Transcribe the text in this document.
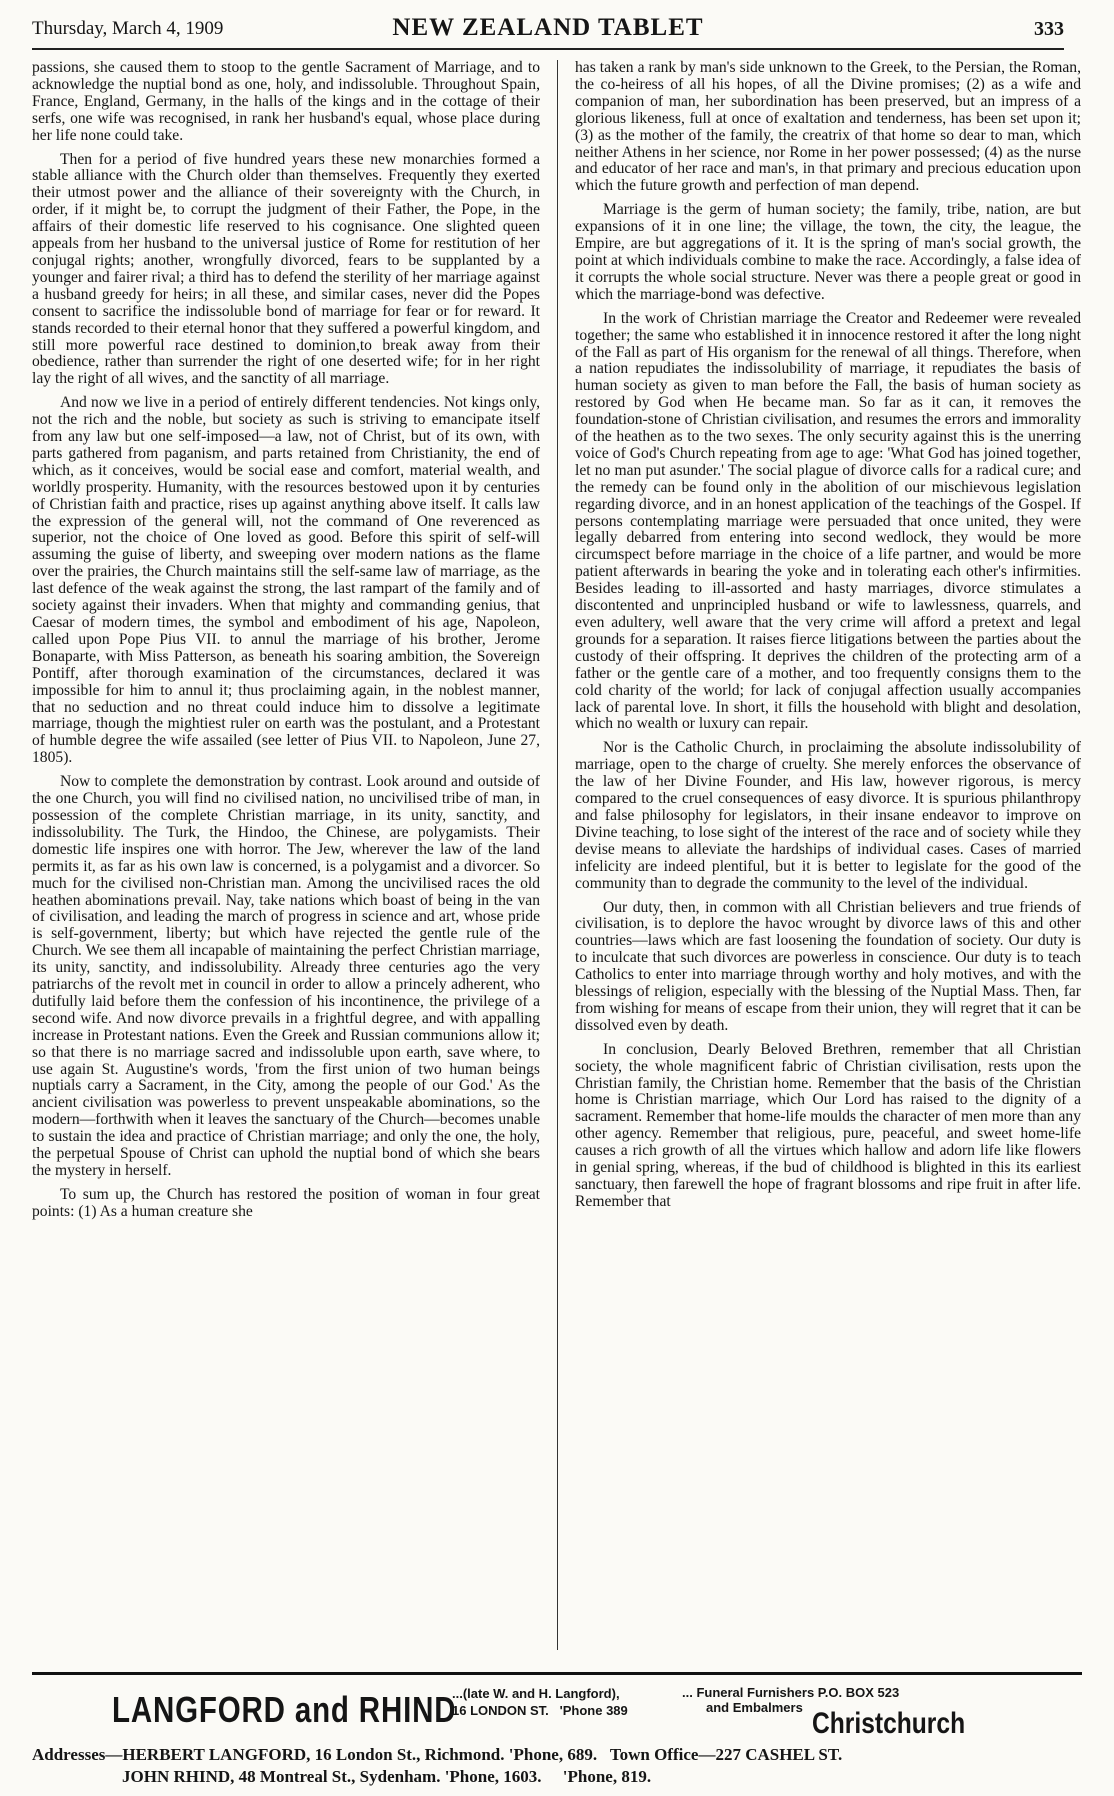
Thursday, March 4, 1909	NEW ZEALAND TABLET	333

passions, she caused them to stoop to the gentle Sacrament of Marriage, and to acknowledge the nuptial bond as one, holy, and indissoluble. Throughout Spain, France, England, Germany, in the halls of the kings and in the cottage of their serfs, one wife was recognised, in rank her husband's equal, whose place during her life none could take.

Then for a period of five hundred years these new monarchies formed a stable alliance with the Church older than themselves. Frequently they exerted their utmost power and the alliance of their sovereignty with the Church, in order, if it might be, to corrupt the judgment of their Father, the Pope, in the affairs of their domestic life reserved to his cognisance. One slighted queen appeals from her husband to the universal justice of Rome for restitution of her conjugal rights; another, wrongfully divorced, fears to be supplanted by a younger and fairer rival; a third has to defend the sterility of her marriage against a husband greedy for heirs; in all these, and similar cases, never did the Popes consent to sacrifice the indissoluble bond of marriage for fear or for reward. It stands recorded to their eternal honor that they suffered a powerful kingdom, and still more powerful race destined to dominion,to break away from their obedience, rather than surrender the right of one deserted wife; for in her right lay the right of all wives, and the sanctity of all marriage.

And now we live in a period of entirely different tendencies. Not kings only, not the rich and the noble, but society as such is striving to emancipate itself from any law but one self-imposed—a law, not of Christ, but of its own, with parts gathered from paganism, and parts retained from Christianity, the end of which, as it conceives, would be social ease and comfort, material wealth, and worldly prosperity. Humanity, with the resources bestowed upon it by centuries of Christian faith and practice, rises up against anything above itself. It calls law the expression of the general will, not the command of One reverenced as superior, not the choice of One loved as good. Before this spirit of self-will assuming the guise of liberty, and sweeping over modern nations as the flame over the prairies, the Church maintains still the self-same law of marriage, as the last defence of the weak against the strong, the last rampart of the family and of society against their invaders. When that mighty and commanding genius, that Caesar of modern times, the symbol and embodiment of his age, Napoleon, called upon Pope Pius VII. to annul the marriage of his brother, Jerome Bonaparte, with Miss Patterson, as beneath his soaring ambition, the Sovereign Pontiff, after thorough examination of the circumstances, declared it was impossible for him to annul it; thus proclaiming again, in the noblest manner, that no seduction and no threat could induce him to dissolve a legitimate marriage, though the mightiest ruler on earth was the postulant, and a Protestant of humble degree the wife assailed (see letter of Pius VII. to Napoleon, June 27, 1805).

Now to complete the demonstration by contrast. Look around and outside of the one Church, you will find no civilised nation, no uncivilised tribe of man, in possession of the complete Christian marriage, in its unity, sanctity, and indissolubility. The Turk, the Hindoo, the Chinese, are polygamists. Their domestic life inspires one with horror. The Jew, wherever the law of the land permits it, as far as his own law is concerned, is a polygamist and a divorcer. So much for the civilised non-Christian man. Among the uncivilised races the old heathen abominations prevail. Nay, take nations which boast of being in the van of civilisation, and leading the march of progress in science and art, whose pride is self-government, liberty; but which have rejected the gentle rule of the Church. We see them all incapable of maintaining the perfect Christian marriage, its unity, sanctity, and indissolubility. Already three centuries ago the very patriarchs of the revolt met in council in order to allow a princely adherent, who dutifully laid before them the confession of his incontinence, the privilege of a second wife. And now divorce prevails in a frightful degree, and with appalling increase in Protestant nations. Even the Greek and Russian communions allow it; so that there is no marriage sacred and indissoluble upon earth, save where, to use again St. Augustine's words, 'from the first union of two human beings nuptials carry a Sacrament, in the City, among the people of our God.' As the ancient civilisation was powerless to prevent unspeakable abominations, so the modern—forthwith when it leaves the sanctuary of the Church—becomes unable to sustain the idea and practice of Christian marriage; and only the one, the holy, the perpetual Spouse of Christ can uphold the nuptial bond of which she bears the mystery in herself.

To sum up, the Church has restored the position of woman in four great points: (1) As a human creature she

has taken a rank by man's side unknown to the Greek, to the Persian, the Roman, the co-heiress of all his hopes, of all the Divine promises; (2) as a wife and companion of man, her subordination has been preserved, but an impress of a glorious likeness, full at once of exaltation and tenderness, has been set upon it; (3) as the mother of the family, the creatrix of that home so dear to man, which neither Athens in her science, nor Rome in her power possessed; (4) as the nurse and educator of her race and man's, in that primary and precious education upon which the future growth and perfection of man depend.

Marriage is the germ of human society; the family, tribe, nation, are but expansions of it in one line; the village, the town, the city, the league, the Empire, are but aggregations of it. It is the spring of man's social growth, the point at which individuals combine to make the race. Accordingly, a false idea of it corrupts the whole social structure. Never was there a people great or good in which the marriage-bond was defective.

In the work of Christian marriage the Creator and Redeemer were revealed together; the same who established it in innocence restored it after the long night of the Fall as part of His organism for the renewal of all things. Therefore, when a nation repudiates the indissolubility of marriage, it repudiates the basis of human society as given to man before the Fall, the basis of human society as restored by God when He became man. So far as it can, it removes the foundation-stone of Christian civilisation, and resumes the errors and immorality of the heathen as to the two sexes. The only security against this is the unerring voice of God's Church repeating from age to age: 'What God has joined together, let no man put asunder.' The social plague of divorce calls for a radical cure; and the remedy can be found only in the abolition of our mischievous legislation regarding divorce, and in an honest application of the teachings of the Gospel. If persons contemplating marriage were persuaded that once united, they were legally debarred from entering into second wedlock, they would be more circumspect before marriage in the choice of a life partner, and would be more patient afterwards in bearing the yoke and in tolerating each other's infirmities. Besides leading to ill-assorted and hasty marriages, divorce stimulates a discontented and unprincipled husband or wife to lawlessness, quarrels, and even adultery, well aware that the very crime will afford a pretext and legal grounds for a separation. It raises fierce litigations between the parties about the custody of their offspring. It deprives the children of the protecting arm of a father or the gentle care of a mother, and too frequently consigns them to the cold charity of the world; for lack of conjugal affection usually accompanies lack of parental love. In short, it fills the household with blight and desolation, which no wealth or luxury can repair.

Nor is the Catholic Church, in proclaiming the absolute indissolubility of marriage, open to the charge of cruelty. She merely enforces the observance of the law of her Divine Founder, and His law, however rigorous, is mercy compared to the cruel consequences of easy divorce. It is spurious philanthropy and false philosophy for legislators, in their insane endeavor to improve on Divine teaching, to lose sight of the interest of the race and of society while they devise means to alleviate the hardships of individual cases. Cases of married infelicity are indeed plentiful, but it is better to legislate for the good of the community than to degrade the community to the level of the individual.

Our duty, then, in common with all Christian believers and true friends of civilisation, is to deplore the havoc wrought by divorce laws of this and other countries—laws which are fast loosening the foundation of society. Our duty is to inculcate that such divorces are powerless in conscience. Our duty is to teach Catholics to enter into marriage through worthy and holy motives, and with the blessings of religion, especially with the blessing of the Nuptial Mass. Then, far from wishing for means of escape from their union, they will regret that it can be dissolved even by death.

In conclusion, Dearly Beloved Brethren, remember that all Christian society, the whole magnificent fabric of Christian civilisation, rests upon the Christian family, the Christian home. Remember that the basis of the Christian home is Christian marriage, which Our Lord has raised to the dignity of a sacrament. Remember that home-life moulds the character of men more than any other agency. Remember that religious, pure, peaceful, and sweet home-life causes a rich growth of all the virtues which hallow and adorn life like flowers in genial spring, whereas, if the bud of childhood is blighted in this its earliest sanctuary, then farewell the hope of fragrant blossoms and ripe fruit in after life. Remember that

LANGFORD and RHIND
...(late W. and H. Langford),
16 LONDON ST. 'Phone 389
... Funeral Furnishers P.O. BOX 523
and Embalmers Christchurch
Addresses—HERBERT LANGFORD, 16 London St., Richmond. 'Phone, 689. Town Office—227 CASHEL ST.
JOHN RHIND, 48 Montreal St., Sydenham. 'Phone, 1603. 'Phone, 819.
